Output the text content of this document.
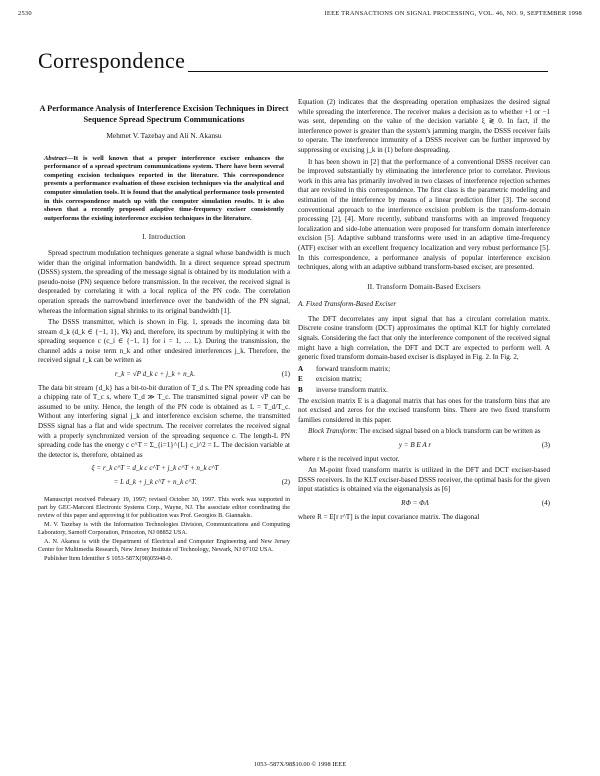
2530	IEEE TRANSACTIONS ON SIGNAL PROCESSING, VOL. 46, NO. 9, SEPTEMBER 1998
Correspondence
A Performance Analysis of Interference Excision Techniques in Direct Sequence Spread Spectrum Communications
Mehmet V. Tazebay and Ali N. Akansu
Abstract—It is well known that a proper interference exciser enhances the performance of a spread spectrum communications system. There have been several competing excision techniques reported in the literature. This correspondence presents a performance evaluation of those excision techniques via the analytical and computer simulation tools. It is found that the analytical performance tools presented in this correspondence match up with the computer simulation results. It is also shown that a recently proposed adaptive time-frequency exciser consistently outperforms the existing interference excision techniques in the literature.
I. Introduction

Spread spectrum modulation techniques generate a signal whose bandwidth is much wider than the original information bandwidth. In a direct sequence spread spectrum (DSSS) system, the spreading of the message signal is obtained by its modulation with a pseudo-noise (PN) sequence before transmission. In the receiver, the received signal is despreaded by correlating it with a local replica of the PN code. The correlation operation spreads the narrowband interference over the bandwidth of the PN signal, whereas the information signal shrinks to its original bandwidth [1].

The DSSS transmitter, which is shown in Fig. 1, spreads the incoming data bit stream d_k (d_k ∈ {−1, 1}, ∀k) and, therefore, its spectrum by multiplying it with the spreading sequence c (c_i ∈ {−1, 1} for i = 1, … L). During the transmission, the channel adds a noise term n_k and other undesired interferences j_k. Therefore, the received signal r_k can be written as

r_k = √P d_k c + j_k + n_k.	(1)

The data bit stream {d_k} has a bit-to-bit duration of T_d s. The PN spreading code has a chipping rate of T_c s, where T_d ≫ T_c. The transmitted signal power √P can be assumed to be unity. Hence, the length of the PN code is obtained as L = T_d/T_c. Without any interfering signal j_k and interference excision scheme, the transmitted DSSS signal has a flat and wide spectrum. The receiver correlates the received signal with a properly synchronized version of the spreading sequence c. The length-L PN spreading code has the energy c c^T = Σ_{i=1}^{L} c_i^2 = L. The decision variable at the detector is, therefore, obtained as

ξ = r_k c^T = d_k c c^T + j_k c^T + n_k c^T
= L d_k + j_k c^T + n_k c^T.	(2)

Manuscript received February 19, 1997; revised October 30, 1997. This work was supported in part by GEC-Marconi Electronic Systems Corp., Wayne, NJ. The associate editor coordinating the review of this paper and approving it for publication was Prof. Georgios B. Giannakis.

M. V. Tazebay is with the Information Technologies Division, Communications and Computing Laboratory, Sarnoff Corporation, Princeton, NJ 08852 USA.

A. N. Akansu is with the Department of Electrical and Computer Engineering and New Jersey Center for Multimedia Research, New Jersey Institute of Technology, Newark, NJ 07102 USA.

Publisher Item Identifier S 1053-587X(98)05948-0.

Equation (2) indicates that the despreading operation emphasizes the desired signal while spreading the interference. The receiver makes a decision as to whether +1 or −1 was sent, depending on the value of the decision variable ξ ≷ 0. In fact, if the interference power is greater than the system's jamming margin, the DSSS receiver fails to operate. The interference immunity of a DSSS receiver can be further improved by suppressing or excising j_k in (1) before despreading.

It has been shown in [2] that the performance of a conventional DSSS receiver can be improved substantially by eliminating the interference prior to correlator. Previous work in this area has primarily involved in two classes of interference rejection schemes that are revisited in this correspondence. The first class is the parametric modeling and estimation of the interference by means of a linear prediction filter [3]. The second conventional approach to the interference excision problem is the transform-domain processing [2], [4]. More recently, subband transforms with an improved frequency localization and side-lobe attenuation were proposed for transform domain interference excision [5]. Adaptive subband transforms were used in an adaptive time-frequency (ATF) exciser with an excellent frequency localization and very robust performance [5]. In this correspondence, a performance analysis of popular interference excision techniques, along with an adaptive subband transform-based exciser, are presented.

II. Transform Domain-Based Excisers
A. Fixed Transform-Based Exciser

The DFT decorrelates any input signal that has a circulant correlation matrix. Discrete cosine transform (DCT) approximates the optimal KLT for highly correlated signals. Considering the fact that only the interference component of the received signal might have a high correlation, the DFT and DCT are expected to perform well. A generic fixed transform domain-based exciser is displayed in Fig. 2. In Fig. 2,

A forward transform matrix;
E excision matrix;
B inverse transform matrix.

The excision matrix E is a diagonal matrix that has ones for the transform bins that are not excised and zeros for the excised transform bins. There are two fixed transform families considered in this paper.

Block Transform: The excised signal based on a block transform can be written as

y = B E A r	(3)

where r is the received input vector.

An M-point fixed transform matrix is utilized in the DFT and DCT exciser-based DSSS receivers. In the KLT exciser-based DSSS receiver, the optimal basis for the given input statistics is obtained via the eigenanalysis as [6]

RΦ = ΦΛ	(4)

where R = E[r r^T] is the input covariance matrix. The diagonal

1053–587X/98$10.00 © 1998 IEEE
